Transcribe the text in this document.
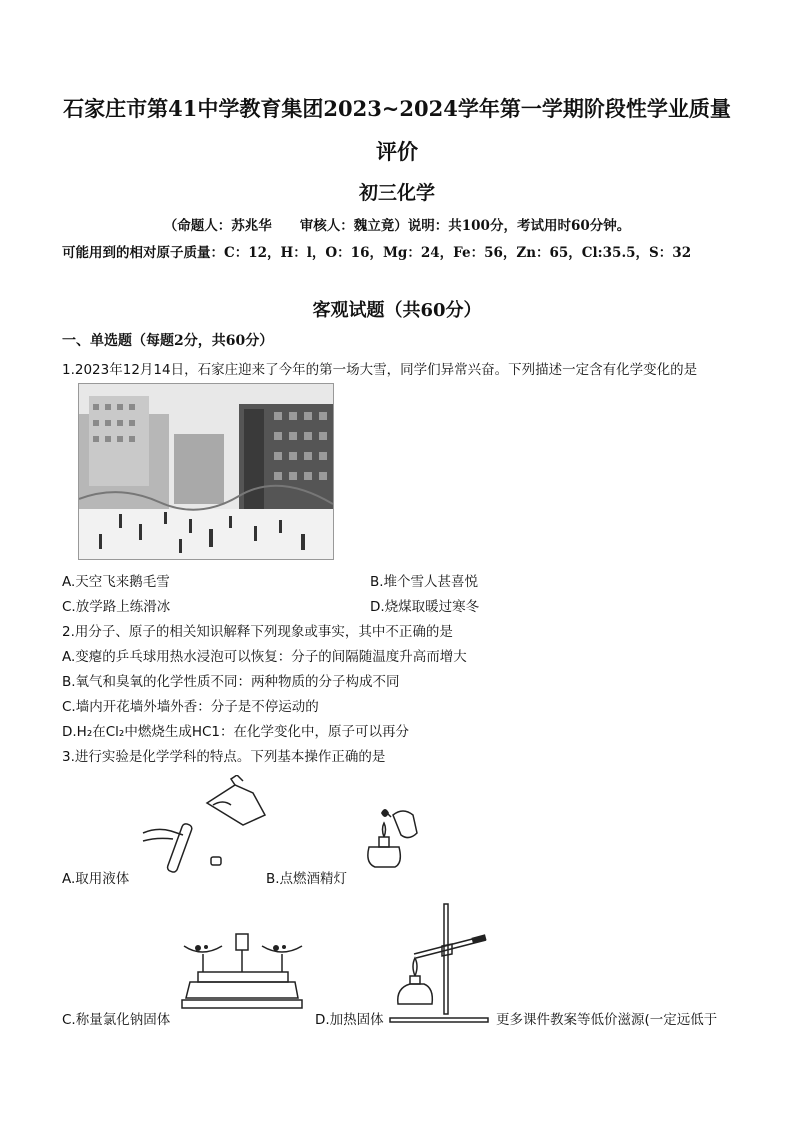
石家庄市第41中学教育集团2023~2024学年第一学期阶段性学业质量
评价
初三化学
（命题人：苏兆华 审核人：魏立竟）说明：共100分，考试用时60分钟。
可能用到的相对原子质量：C：12，H：l，O：16，Mg：24，Fe：56，Zn：65，Cl:35.5，S：32
客观试题（共60分）
一、单选题（每题2分，共60分）
1.2023年12月14日，石家庄迎来了今年的第一场大雪，同学们异常兴奋。下列描述一定含有化学变化的是
A.天空飞来鹅毛雪	B.堆个雪人甚喜悦
C.放学路上练滑冰	D.烧煤取暖过寒冬
2.用分子、原子的相关知识解释下列现象或事实，其中不正确的是
A.变瘪的乒乓球用热水浸泡可以恢复：分子的间隔随温度升高而增大
B.氧气和臭氧的化学性质不同：两种物质的分子构成不同
C.墙内开花墙外墙外香：分子是不停运动的
D.H₂在Cl₂中燃烧生成HC1：在化学变化中，原子可以再分
3.进行实验是化学学科的特点。下列基本操作正确的是
A.取用液体	B.点燃酒精灯
C.称量氯化钠固体	D.加热固体	更多课件教案等低价滋源(一定远低于
